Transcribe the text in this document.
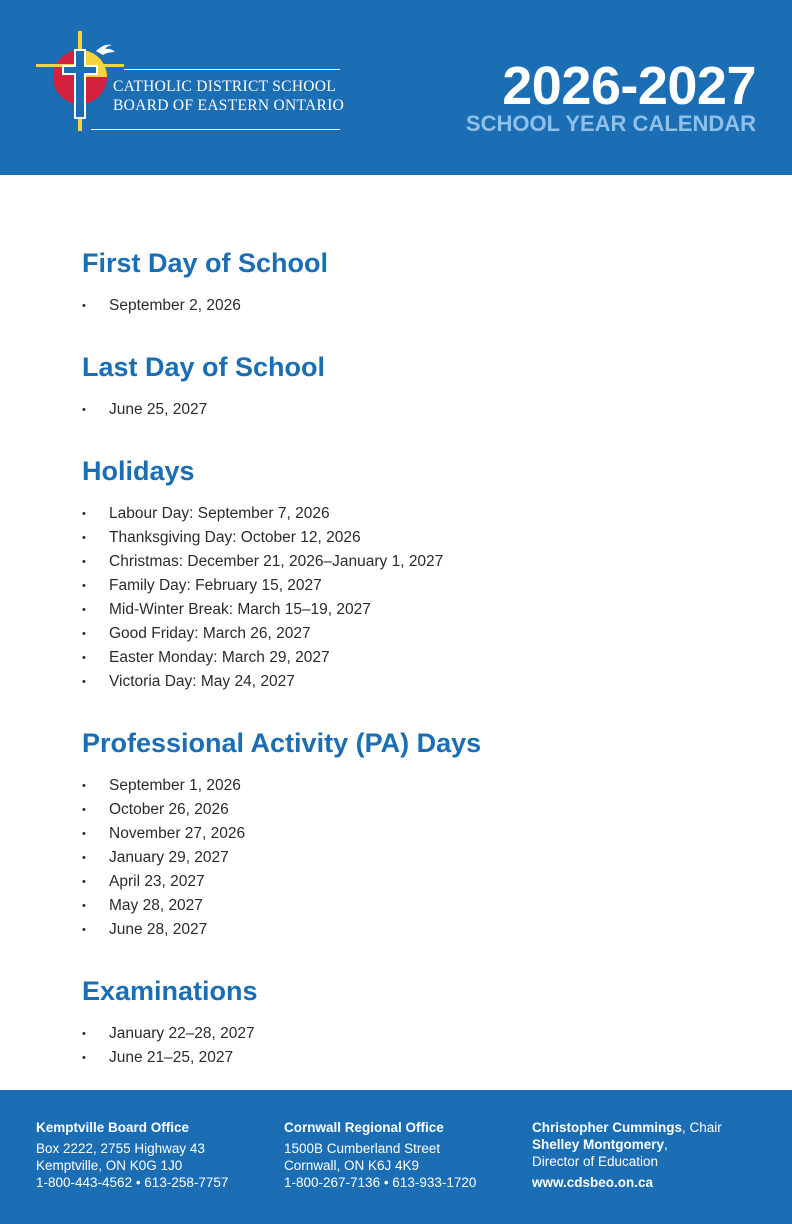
CATHOLIC DISTRICT SCHOOL
BOARD OF EASTERN ONTARIO	2026-2027
SCHOOL YEAR CALENDAR
First Day of School
• September 2, 2026
Last Day of School
• June 25, 2027
Holidays
• Labour Day: September 7, 2026
• Thanksgiving Day: October 12, 2026
• Christmas: December 21, 2026–January 1, 2027
• Family Day: February 15, 2027
• Mid-Winter Break: March 15–19, 2027
• Good Friday: March 26, 2027
• Easter Monday: March 29, 2027
• Victoria Day: May 24, 2027
Professional Activity (PA) Days
• September 1, 2026
• October 26, 2026
• November 27, 2026
• January 29, 2027
• April 23, 2027
• May 28, 2027
• June 28, 2027
Examinations
• January 22–28, 2027
• June 21–25, 2027
Kemptville Board Office
Box 2222, 2755 Highway 43
Kemptville, ON K0G 1J0
1-800-443-4562 • 613-258-7757
Cornwall Regional Office
1500B Cumberland Street
Cornwall, ON K6J 4K9
1-800-267-7136 • 613-933-1720
Christopher Cummings, Chair
Shelley Montgomery,
Director of Education
www.cdsbeo.on.ca
